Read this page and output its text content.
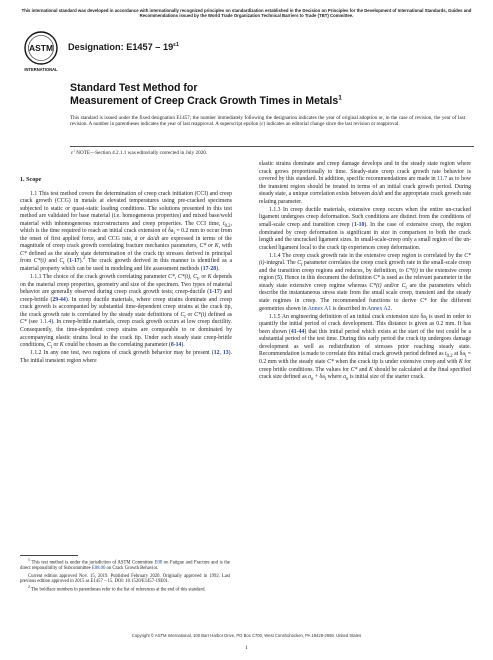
This international standard was developed in accordance with internationally recognized principles on standardization established in the Decision on Principles for the Development of International Standards, Guides and Recommendations issued by the World Trade Organization Technical Barriers to Trade (TBT) Committee.
ASTM
INTERNATIONAL
Designation: $E1457 - 19^{\varepsilon 1}$
Standard Test Method for
Measurement of Creep Crack Growth Times in Metals$^1$
This standard is issued under the fixed designation E1457; the number immediately following the designation indicates the year of original adoption or, in the case of revision, the year of last revision. A number in parentheses indicates the year of last reapproval. A superscript epsilon (ε) indicates an editorial change since the last revision or reapproval.
$\varepsilon^1$ NOTE—Section 4.2.1.1 was editorially corrected in July 2020.
1. Scope

1.1 This test method covers the determination of creep crack initiation (CCI) and creep crack growth (CCG) in metals at elevated temperatures using pre-cracked specimens subjected to static or quasi-static loading conditions. The solutions presented in this test method are validated for base material (i.e. homogeneous properties) and mixed base/weld material with inhomogeneous microstructures and creep properties. The CCI time, $t_{0.2}$, which is the time required to reach an initial crack extension of $\delta a_i = 0.2$ mm to occur from the onset of first applied force, and CCG rate, ȧ or da/dt are expressed in terms of the magnitude of creep crack growth correlating fracture mechanics parameters, C* or K, with C* defined as the steady state determination of the crack tip stresses derived in principal from C*(t) and $C_t$ (1-17).$^2$ The crack growth derived in this manner is identified as a material property which can be used in modeling and life assessment methods (17-28).

1.1.1 The choice of the crack growth correlating parameter C*, C*(t), $C_t$, or K depends on the material creep properties, geometry and size of the specimen. Two types of material behavior are generally observed during creep crack growth tests; creep-ductile (1-17) and creep-brittle (29-44). In creep ductile materials, where creep strains dominate and creep crack growth is accompanied by substantial time-dependent creep strains at the crack tip, the crack growth rate is correlated by the steady state definitions of $C_t$ or C*(t) defined as C* (see 1.1.4). In creep-brittle materials, creep crack growth occurs at low creep ductility. Consequently, the time-dependent creep strains are comparable to or dominated by accompanying elastic strains local to the crack tip. Under such steady state creep-brittle conditions, $C_t$ or K could be chosen as the correlating parameter (8-14).

1.1.2 In any one test, two regions of crack growth behavior may be present (12, 13). The initial transient region where

elastic strains dominate and creep damage develops and in the steady state region where crack grows proportionally to time. Steady-state creep crack growth rate behavior is covered by this standard. In addition, specific recommendations are made in 11.7 as to how the transient region should be treated in terms of an initial crack growth period. During steady state, a unique correlation exists between da/dt and the appropriate crack growth rate relating parameter.

1.1.3 In creep ductile materials, extensive creep occurs when the entire un-cracked ligament undergoes creep deformation. Such conditions are distinct from the conditions of small-scale creep and transition creep (1-10). In the case of extensive creep, the region dominated by creep deformation is significant in size in comparison to both the crack length and the uncracked ligament sizes. In small-scale-creep only a small region of the un-cracked ligament local to the crack tip experiences creep deformation.

1.1.4 The creep crack growth rate in the extensive creep region is correlated by the C*(t)-integral. The $C_t$ parameter correlates the creep crack growth rate in the small-scale creep and the transition creep regions and reduces, by definition, to C*(t) in the extensive creep region (5). Hence in this document the definition C* is used as the relevant parameter in the steady state extensive creep regime whereas C*(t) and/or $C_t$ are the parameters which describe the instantaneous stress state from the small scale creep, transient and the steady state regimes in creep. The recommended functions to derive C* for the different geometries shown in Annex A1 is described in Annex A2.

1.1.5 An engineering definition of an initial crack extension size $\delta a_i$ is used in order to quantify the initial period of crack development. This distance is given as 0.2 mm. It has been shown (41-44) that this initial period which exists at the start of the test could be a substantial period of the test time. During this early period the crack tip undergoes damage development as well as redistribution of stresses prior reaching steady state. Recommendation is made to correlate this initial crack growth period defined as $t_{0.2}$ at $\delta a_i = 0.2$ mm with the steady state C* when the crack tip is under extensive creep and with K for creep brittle conditions. The values for C* and K should be calculated at the final specified crack size defined as $a_o + \delta a_i$ where $a_o$ is initial size of the starter crack.

$^1$ This test method is under the jurisdiction of ASTM Committee E08 on Fatigue and Fracture and is the direct responsibility of Subcommittee E08.06 on Crack Growth Behavior.

Current edition approved Nov. 15, 2019. Published February 2020. Originally approved in 1992. Last previous edition approved in 2015 as E1457 – 15. DOI: 10.1520/E1457-19E01.

$^2$ The boldface numbers in parentheses refer to the list of references at the end of this standard.

Copyright © ASTM International, 100 Barr Harbor Drive, PO Box C700, West Conshohocken, PA 19428-2959. United States
1
